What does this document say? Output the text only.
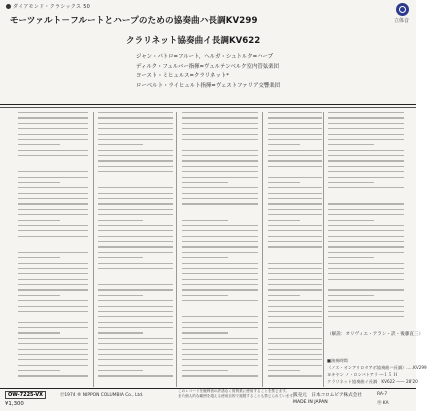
ダイアモンド・クラシックス 50
立体音
モーツァルト－フルートとハープのための協奏曲ハ長調KV299
クラリネット協奏曲イ長調KV622
ジャン・パトロ=フルート，ヘルガ・シュトルク=ハープ
ディルク・フェルバー指揮=ヴュルテンベルク室内管弦楽団
ヨースト・ミヒェルス=クラリネット*
ローベルト・ライヒェルト指揮=ヴェストファリア交響楽団
（解説：オリヴィエ・アラン・訳・後藤直三）
■演奏時間
（ノス・オンアリロタアボ協奏曲ハ長調）..…KV299
ヨキヤン ノ・ロンバトアラ ―１５ Ｈ
クラリネット協奏曲イ長調　KV622 ―― 28'20
OW-7225-VX	Ⓟ1974 ® NIPPON COLUMBIA Co., Ltd.
このレコードを権利者の許諾なく賃貸業に使用することを禁じます。
また個人的な範囲を超える使用目的で複製することも禁じられています。
販売元　日本コロムビア株式会社	RA-7
MADE IN JAPAN	㊥ KA
¥1,300
